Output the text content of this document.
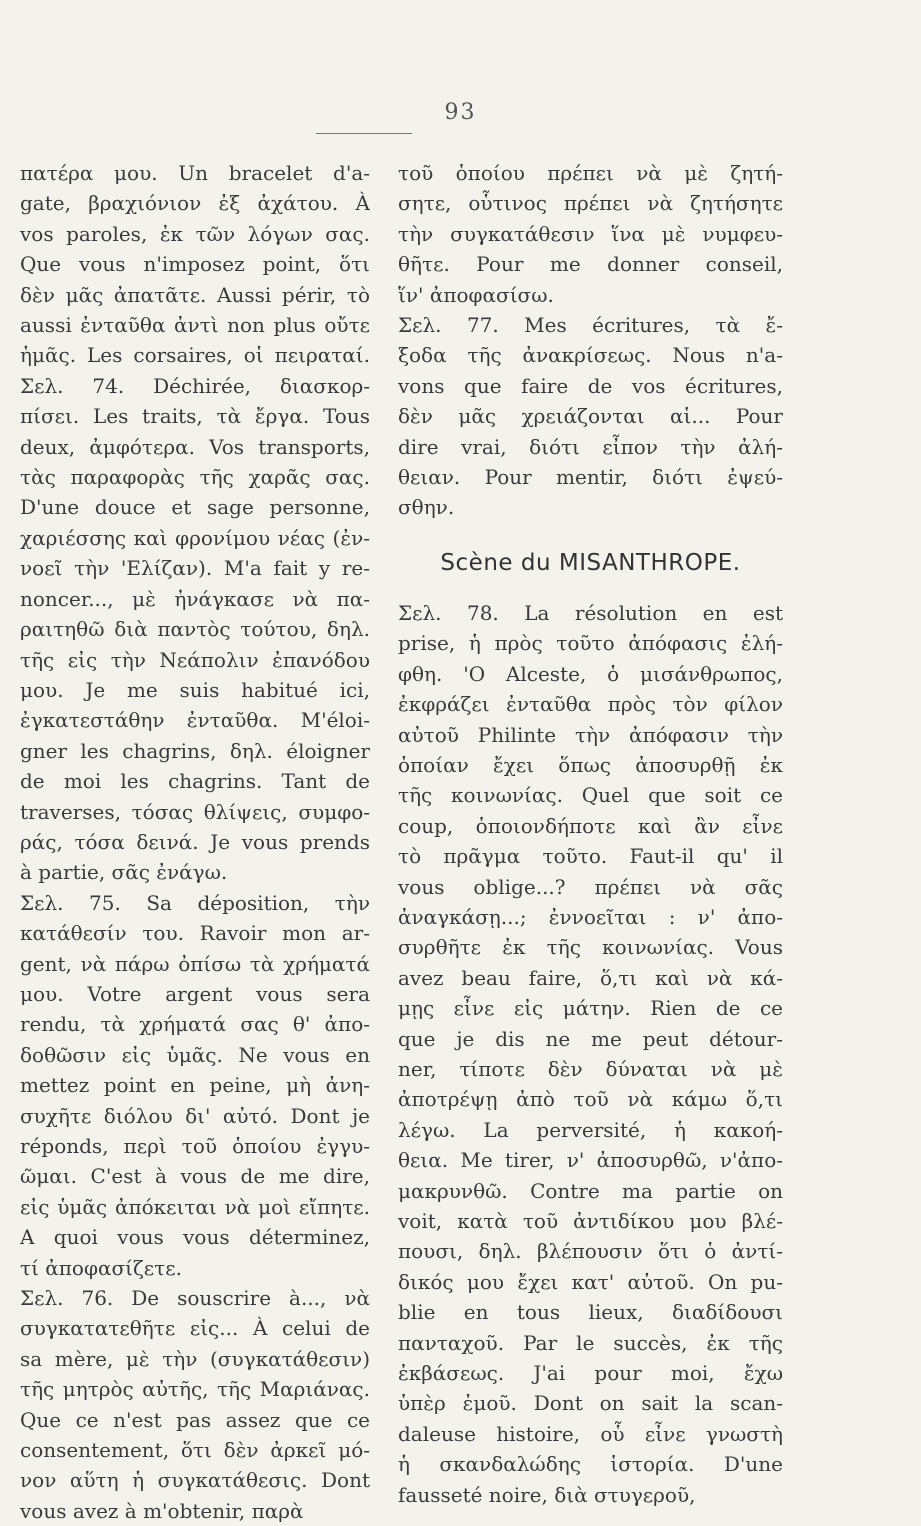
93
πατέρα μου. Un bracelet d'a-
gate, βραχιόνιον ἐξ ἀχάτου. À
vos paroles, ἐκ τῶν λόγων σας.
Que vous n'imposez point, ὅτι
δὲν μᾶς ἀπατᾶτε. Aussi périr, τὸ
aussi ἐνταῦθα ἀντὶ non plus οὔτε
ἡμᾶς. Les corsaires, οἱ πειραταί.
Σελ. 74. Déchirée, διασκορ-
πίσει. Les traits, τὰ ἔργα. Tous
deux, ἀμφότερα. Vos transports,
τὰς παραφορὰς τῆς χαρᾶς σας.
D'une douce et sage personne,
χαριέσσης καὶ φρονίμου νέας (ἐν-
νοεῖ τὴν 'Ελίζαν). M'a fait y re-
noncer..., μὲ ἠνάγκασε νὰ πα-
ραιτηθῶ διὰ παντὸς τούτου, δηλ.
τῆς εἰς τὴν Νεάπολιν ἐπανόδου
μου. Je me suis habitué ici,
ἐγκατεστάθην ἐνταῦθα. M'éloi-
gner les chagrins, δηλ. éloigner
de moi les chagrins. Tant de
traverses, τόσας θλίψεις, συμφο-
ράς, τόσα δεινά. Je vous prends
à partie, σᾶς ἐνάγω.
Σελ. 75. Sa déposition, τὴν
κατάθεσίν του. Ravoir mon ar-
gent, νὰ πάρω ὀπίσω τὰ χρήματά
μου. Votre argent vous sera
rendu, τὰ χρήματά σας θ' ἀπο-
δοθῶσιν εἰς ὑμᾶς. Ne vous en
mettez point en peine, μὴ ἀνη-
συχῆτε διόλου δι' αὐτό. Dont je
réponds, περὶ τοῦ ὁποίου ἐγγυ-
ῶμαι. C'est à vous de me dire,
εἰς ὑμᾶς ἀπόκειται νὰ μοὶ εἴπητε.
A quoi vous vous déterminez,
τί ἀποφασίζετε.
Σελ. 76. De souscrire à..., νὰ
συγκατατεθῆτε εἰς... À celui de
sa mère, μὲ τὴν (συγκατάθεσιν)
τῆς μητρὸς αὐτῆς, τῆς Μαριάνας.
Que ce n'est pas assez que ce
consentement, ὅτι δὲν ἀρκεῖ μό-
νον αὕτη ἡ συγκατάθεσις. Dont
vous avez à m'obtenir, παρὰ
τοῦ ὁποίου πρέπει νὰ μὲ ζητή-
σητε, οὗτινος πρέπει νὰ ζητήσητε
τὴν συγκατάθεσιν ἵνα μὲ νυμφευ-
θῆτε. Pour me donner conseil,
ἵν' ἀποφασίσω.
Σελ. 77. Mes écritures, τὰ ἔ-
ξοδα τῆς ἀνακρίσεως. Nous n'a-
vons que faire de vos écritures,
δὲν μᾶς χρειάζονται αἱ... Pour
dire vrai, διότι εἶπον τὴν ἀλή-
θειαν. Pour mentir, διότι ἐψεύ-
σθην.
Scène du MISANTHROPE.
Σελ. 78. La résolution en est
prise, ἡ πρὸς τοῦτο ἀπόφασις ἐλή-
φθη. 'Ο Alceste, ὁ μισάνθρωπος,
ἐκφράζει ἐνταῦθα πρὸς τὸν φίλον
αὐτοῦ Philinte τὴν ἀπόφασιν τὴν
ὁποίαν ἔχει ὅπως ἀποσυρθῇ ἐκ
τῆς κοινωνίας. Quel que soit ce
coup, ὁποιονδήποτε καὶ ἂν εἶνε
τὸ πρᾶγμα τοῦτο. Faut-il qu' il
vous oblige...? πρέπει νὰ σᾶς
ἀναγκάσῃ...; ἐννοεῖται : ν' ἀπο-
συρθῆτε ἐκ τῆς κοινωνίας. Vous
avez beau faire, ὅ,τι καὶ νὰ κά-
μῃς εἶνε εἰς μάτην. Rien de ce
que je dis ne me peut détour-
ner, τίποτε δὲν δύναται νὰ μὲ
ἀποτρέψῃ ἀπὸ τοῦ νὰ κάμω ὅ,τι
λέγω. La perversité, ἡ κακοή-
θεια. Me tirer, ν' ἀποσυρθῶ, ν'ἀπο-
μακρυνθῶ. Contre ma partie on
voit, κατὰ τοῦ ἀντιδίκου μου βλέ-
πουσι, δηλ. βλέπουσιν ὅτι ὁ ἀντί-
δικός μου ἔχει κατ' αὐτοῦ. On pu-
blie en tous lieux, διαδίδουσι
πανταχοῦ. Par le succès, ἐκ τῆς
ἐκβάσεως. J'ai pour moi, ἔχω
ὑπὲρ ἐμοῦ. Dont on sait la scan-
daleuse histoire, οὗ εἶνε γνωστὴ
ἡ σκανδαλώδης ἱστορία. D'une
fausseté noire, διὰ στυγεροῦ,
